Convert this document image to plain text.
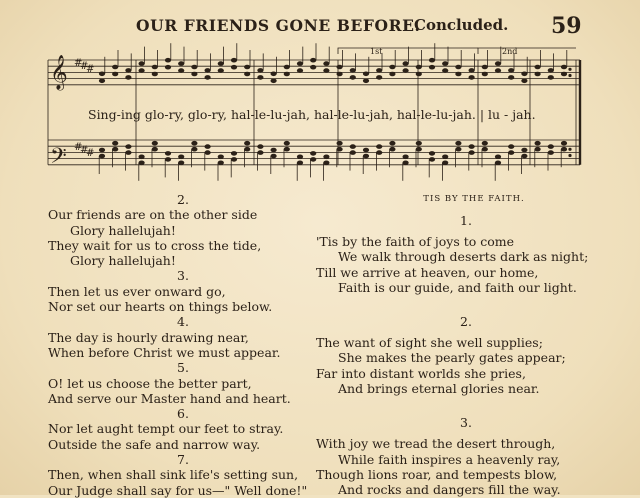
OUR FRIENDS GONE BEFORE.
Concluded. 59
#
#
#
#
#
#
𝄞
𝄢
1st	2nd
Sing-ing glo-ry, glo-ry, hal-le-lu-jah, hal-le-lu-jah, hal-le-lu-jah. | lu - jah.
2.
Our friends are on the other side
Glory hallelujah!
They wait for us to cross the tide,
Glory hallelujah!
3.
Then let us ever onward go,
Nor set our hearts on things below.
4.
The day is hourly drawing near,
When before Christ we must appear.
5.
O! let us choose the better part,
And serve our Master hand and heart.
6.
Nor let aught tempt our feet to stray.
Outside the safe and narrow way.
7.
Then, when shall sink life's setting sun,
Our Judge shall say for us—" Well done!"
TIS BY THE FAITH.
1.
'Tis by the faith of joys to come
We walk through deserts dark as night;
Till we arrive at heaven, our home,
Faith is our guide, and faith our light.
2.
The want of sight she well supplies;
She makes the pearly gates appear;
Far into distant worlds she pries,
And brings eternal glories near.
3.
With joy we tread the desert through,
While faith inspires a heavenly ray,
Though lions roar, and tempests blow,
And rocks and dangers fill the way.
